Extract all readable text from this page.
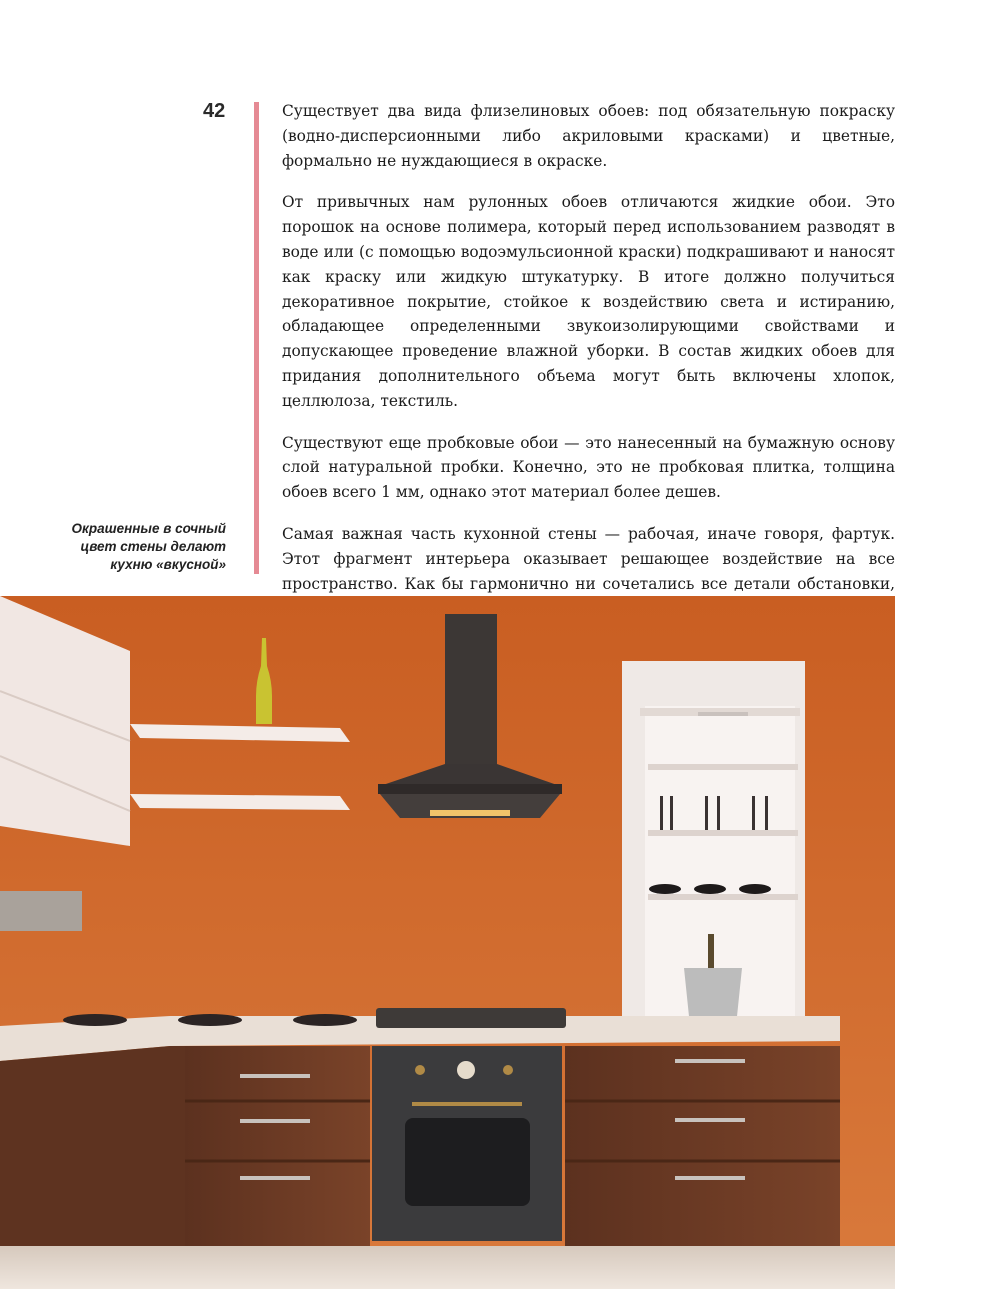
42
Окрашенные в сочный цвет стены делают кухню «вкусной»

Существует два вида флизелиновых обоев: под обязательную покраску (водно-дисперсионными либо акриловыми красками) и цветные, формально не нуждающиеся в окраске.

От привычных нам рулонных обоев отличаются жидкие обои. Это порошок на основе полимера, который перед использованием разводят в воде или (с помощью водоэмульсионной краски) подкрашивают и наносят как краску или жидкую штукатурку. В итоге должно получиться декоративное покрытие, стойкое к воздействию света и истиранию, обладающее определенными звукоизолирующими свойствами и допускающее проведение влажной уборки. В состав жидких обоев для придания дополнительного объема могут быть включены хлопок, целлюлоза, текстиль.

Существуют еще пробковые обои — это нанесенный на бумажную основу слой натуральной пробки. Конечно, это не пробковая плитка, толщина обоев всего 1 мм, однако этот материал более дешев.

Самая важная часть кухонной стены — рабочая, иначе говоря, фартук. Этот фрагмент интерьера оказывает решающее воздействие на все пространство. Как бы гармонично ни сочетались все детали обстановки,
